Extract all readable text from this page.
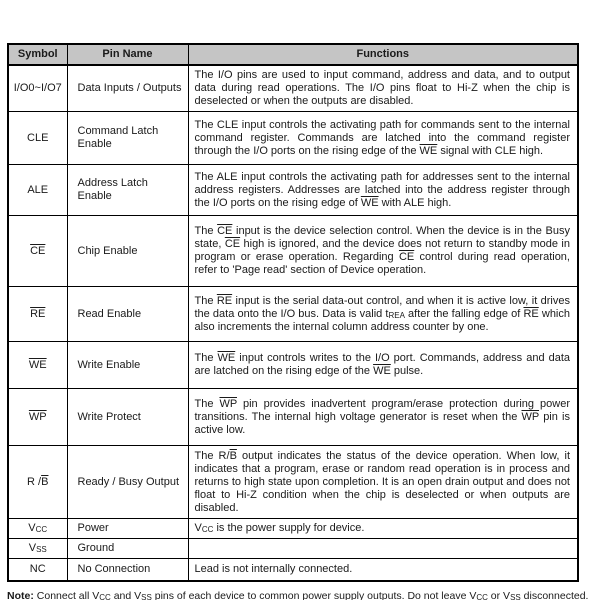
Symbol	Pin Name	Functions
I/O0~I/O7	Data Inputs / Outputs	The I/O pins are used to input command, address and data, and to output data during read operations. The I/O pins float to Hi-Z when the chip is deselected or when the outputs are disabled.
CLE	Command Latch Enable	The CLE input controls the activating path for commands sent to the internal command register. Commands are latched into the command register through the I/O ports on the rising edge of the $\overline{WE}$ signal with CLE high.
ALE	Address Latch Enable	The ALE input controls the activating path for addresses sent to the internal address registers. Addresses are latched into the address register through the I/O ports on the rising edge of $\overline{WE}$ with ALE high.
$\overline{CE}$	Chip Enable	The $\overline{CE}$ input is the device selection control. When the device is in the Busy state, $\overline{CE}$ high is ignored, and the device does not return to standby mode in program or erase operation. Regarding $\overline{CE}$ control during read operation, refer to 'Page read' section of Device operation.
$\overline{RE}$	Read Enable	The $\overline{RE}$ input is the serial data-out control, and when it is active low, it drives the data onto the I/O bus. Data is valid $t_{REA}$ after the falling edge of $\overline{RE}$ which also increments the internal column address counter by one.
$\overline{WE}$	Write Enable	The $\overline{WE}$ input controls writes to the I/O port. Commands, address and data are latched on the rising edge of the $\overline{WE}$ pulse.
$\overline{WP}$	Write Protect	The $\overline{WP}$ pin provides inadvertent program/erase protection during power transitions. The internal high voltage generator is reset when the $\overline{WP}$ pin is active low.
R $/\overline{B}$	Ready / Busy Output	The $R/\overline{B}$ output indicates the status of the device operation. When low, it indicates that a program, erase or random read operation is in process and returns to high state upon completion. It is an open drain output and does not float to Hi-Z condition when the chip is deselected or when outputs are disabled.
$V_{CC}$	Power	$V_{CC}$ is the power supply for device.
$V_{SS}$	Ground	
NC	No Connection	Lead is not internally connected.
Note: Connect all $V_{CC}$ and $V_{SS}$ pins of each device to common power supply outputs. Do not leave $V_{CC}$ or $V_{SS}$ disconnected.
